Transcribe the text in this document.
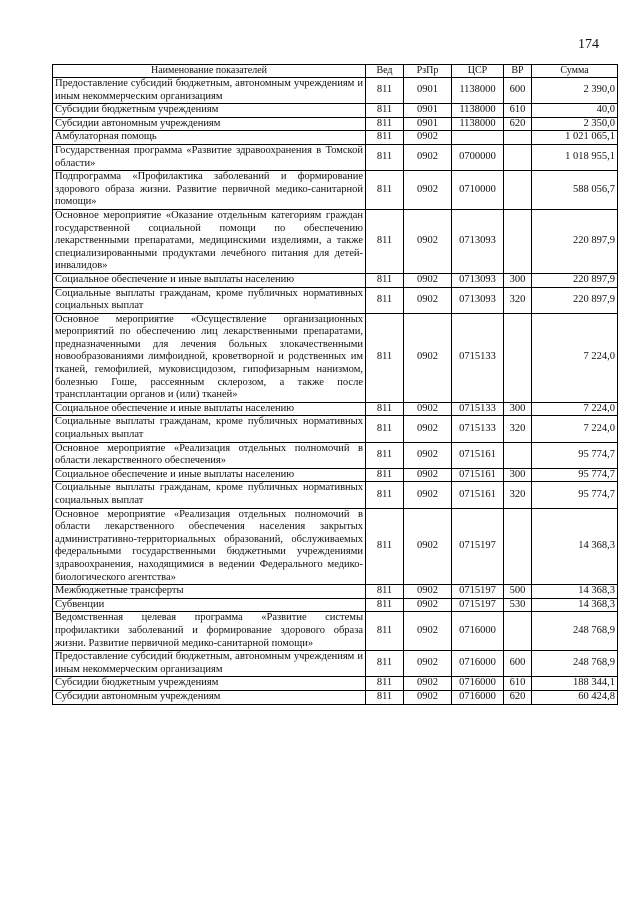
174
Наименование показателей	Вед	РзПр	ЦСР	ВР	Сумма
Предоставление субсидий бюджетным, автономным учреждениям и иным некоммерческим организациям	811	0901	1138000	600	2 390,0
Субсидии бюджетным учреждениям	811	0901	1138000	610	40,0
Субсидии автономным учреждениям	811	0901	1138000	620	2 350,0
Амбулаторная помощь	811	0902			1 021 065,1
Государственная программа «Развитие здравоохранения в Томской области»	811	0902	0700000		1 018 955,1
Подпрограмма «Профилактика заболеваний и формирование здорового образа жизни. Развитие первичной медико-санитарной помощи»	811	0902	0710000		588 056,7
Основное мероприятие «Оказание отдельным категориям граждан государственной социальной помощи по обеспечению лекарственными препаратами, медицинскими изделиями, а также специализированными продуктами лечебного питания для детей-инвалидов»	811	0902	0713093		220 897,9
Социальное обеспечение и иные выплаты населению	811	0902	0713093	300	220 897,9
Социальные выплаты гражданам, кроме публичных нормативных социальных выплат	811	0902	0713093	320	220 897,9
Основное мероприятие «Осуществление организационных мероприятий по обеспечению лиц лекарственными препаратами, предназначенными для лечения больных злокачественными новообразованиями лимфоидной, кроветворной и родственных им тканей, гемофилией, муковисцидозом, гипофизарным нанизмом, болезнью Гоше, рассеянным склерозом, а также после трансплантации органов и (или) тканей»	811	0902	0715133		7 224,0
Социальное обеспечение и иные выплаты населению	811	0902	0715133	300	7 224,0
Социальные выплаты гражданам, кроме публичных нормативных социальных выплат	811	0902	0715133	320	7 224,0
Основное мероприятие «Реализация отдельных полномочий в области лекарственного обеспечения»	811	0902	0715161		95 774,7
Социальное обеспечение и иные выплаты населению	811	0902	0715161	300	95 774,7
Социальные выплаты гражданам, кроме публичных нормативных социальных выплат	811	0902	0715161	320	95 774,7
Основное мероприятие «Реализация отдельных полномочий в области лекарственного обеспечения населения закрытых административно-территориальных образований, обслуживаемых федеральными государственными бюджетными учреждениями здравоохранения, находящимися в ведении Федерального медико-биологического агентства»	811	0902	0715197		14 368,3
Межбюджетные трансферты	811	0902	0715197	500	14 368,3
Субвенции	811	0902	0715197	530	14 368,3
Ведомственная целевая программа «Развитие системы профилактики заболеваний и формирование здорового образа жизни. Развитие первичной медико-санитарной помощи»	811	0902	0716000		248 768,9
Предоставление субсидий бюджетным, автономным учреждениям и иным некоммерческим организациям	811	0902	0716000	600	248 768,9
Субсидии бюджетным учреждениям	811	0902	0716000	610	188 344,1
Субсидии автономным учреждениям	811	0902	0716000	620	60 424,8
